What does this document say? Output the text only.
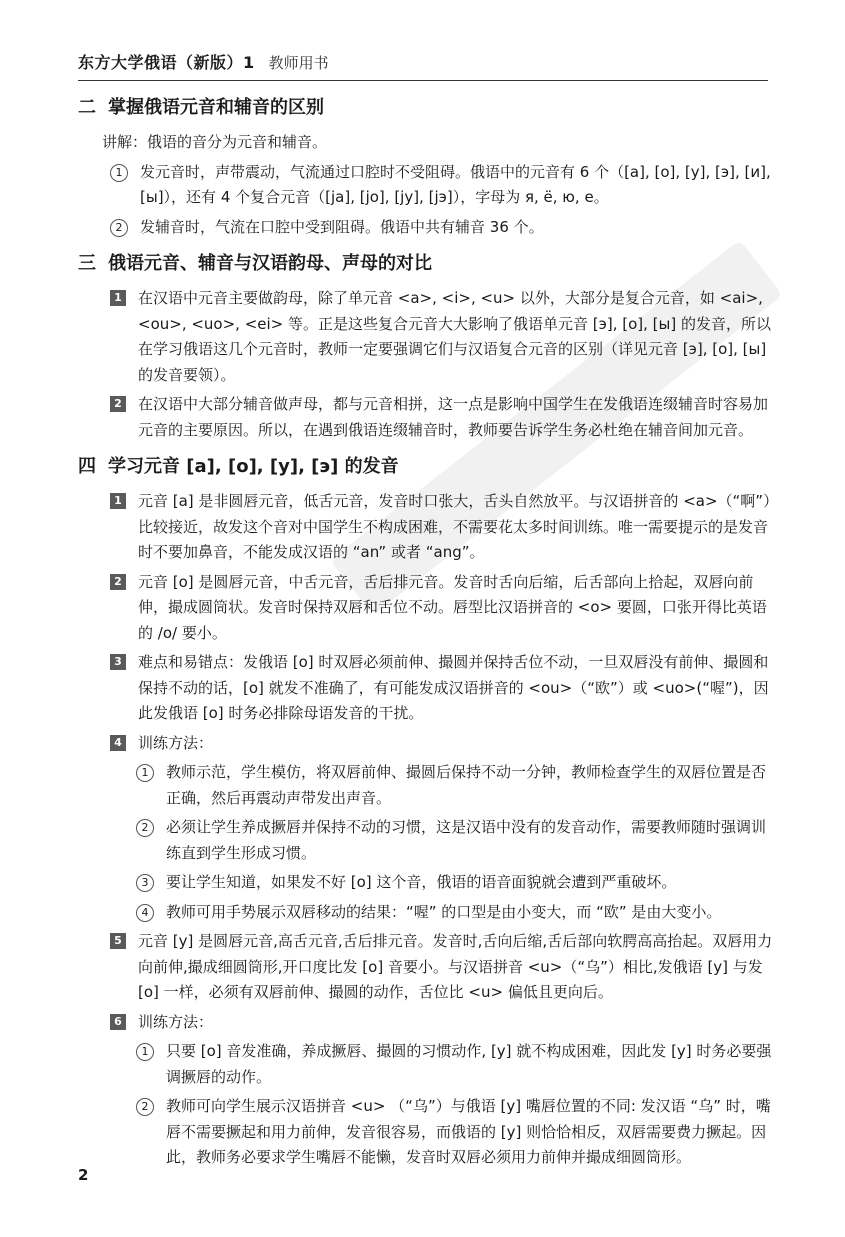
东方大学俄语（新版）1 教师用书
二 掌握俄语元音和辅音的区别
讲解：俄语的音分为元音和辅音。
1	发元音时，声带震动，气流通过口腔时不受阻碍。俄语中的元音有 6 个（[a], [o], [y], [э], [и], [ы]），还有 4 个复合元音（[ja], [jo], [jy], [jэ]），字母为 я, ё, ю, е。
2	发辅音时，气流在口腔中受到阻碍。俄语中共有辅音 36 个。
三 俄语元音、辅音与汉语韵母、声母的对比
1 在汉语中元音主要做韵母，除了单元音 <a>, <i>, <u> 以外，大部分是复合元音，如 <ai>, <ou>, <uo>, <ei> 等。正是这些复合元音大大影响了俄语单元音 [э], [o], [ы] 的发音，所以在学习俄语这几个元音时，教师一定要强调它们与汉语复合元音的区别（详见元音 [э], [o], [ы] 的发音要领）。
2 在汉语中大部分辅音做声母，都与元音相拼，这一点是影响中国学生在发俄语连缀辅音时容易加元音的主要原因。所以，在遇到俄语连缀辅音时，教师要告诉学生务必杜绝在辅音间加元音。
四 学习元音 [a], [o], [y], [э] 的发音
1 元音 [a] 是非圆唇元音，低舌元音，发音时口张大，舌头自然放平。与汉语拼音的 <a>（“啊”）比较接近，故发这个音对中国学生不构成困难，不需要花太多时间训练。唯一需要提示的是发音时不要加鼻音，不能发成汉语的 “an” 或者 “ang”。
2 元音 [o] 是圆唇元音，中舌元音，舌后排元音。发音时舌向后缩，后舌部向上拾起，双唇向前伸，撮成圆筒状。发音时保持双唇和舌位不动。唇型比汉语拼音的 <o> 要圆，口张开得比英语的 /o/ 要小。
3 难点和易错点：发俄语 [o] 时双唇必须前伸、撮圆并保持舌位不动，一旦双唇没有前伸、撮圆和保持不动的话，[o] 就发不准确了，有可能发成汉语拼音的 <ou>（“欧”）或 <uo>(“喔”)，因此发俄语 [o] 时务必排除母语发音的干扰。
4 训练方法：
1	教师示范，学生模仿，将双唇前伸、撮圆后保持不动一分钟，教师检查学生的双唇位置是否正确，然后再震动声带发出声音。
2	必须让学生养成撅唇并保持不动的习惯，这是汉语中没有的发音动作，需要教师随时强调训练直到学生形成习惯。
3	要让学生知道，如果发不好 [o] 这个音，俄语的语音面貌就会遭到严重破坏。
4	教师可用手势展示双唇移动的结果：“喔” 的口型是由小变大，而 “欧” 是由大变小。
5 元音 [y] 是圆唇元音,高舌元音,舌后排元音。发音时,舌向后缩,舌后部向软腭高高抬起。双唇用力向前伸,撮成细圆筒形,开口度比发 [o] 音要小。与汉语拼音 <u>（“乌”）相比,发俄语 [y] 与发 [o] 一样，必须有双唇前伸、撮圆的动作，舌位比 <u> 偏低且更向后。
6 训练方法：
1	只要 [o] 音发准确，养成撅唇、撮圆的习惯动作, [y] 就不构成困难，因此发 [y] 时务必要强调撅唇的动作。
2	教师可向学生展示汉语拼音 <u> （“乌”）与俄语 [y] 嘴唇位置的不同: 发汉语 “乌” 时，嘴唇不需要撅起和用力前伸，发音很容易，而俄语的 [y] 则恰恰相反，双唇需要费力撅起。因此，教师务必要求学生嘴唇不能懒，发音时双唇必须用力前伸并撮成细圆筒形。
2
